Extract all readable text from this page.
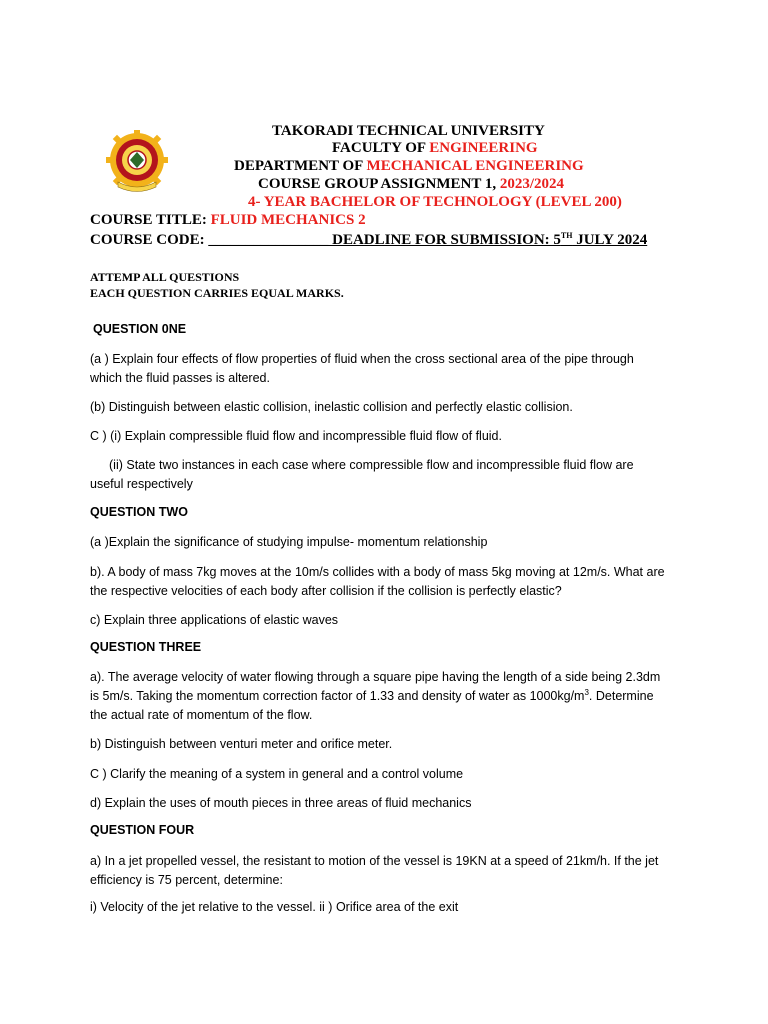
TAKORADI TECHNICAL UNIVERSITY
FACULTY OF ENGINEERING
DEPARTMENT OF MECHANICAL ENGINEERING
COURSE GROUP ASSIGNMENT 1, 2023/2024
4- YEAR BACHELOR OF TECHNOLOGY (LEVEL 200)
COURSE TITLE: FLUID MECHANICS 2
COURSE CODE: ________________ DEADLINE FOR SUBMISSION: 5TH JULY 2024
ATTEMP ALL QUESTIONS
EACH QUESTION CARRIES EQUAL MARKS.
QUESTION 0NE
(a ) Explain four effects of flow properties of fluid when the cross sectional area of the pipe through
which the fluid passes is altered.
(b) Distinguish between elastic collision, inelastic collision and perfectly elastic collision.
C ) (i) Explain compressible fluid flow and incompressible fluid flow of fluid.
(ii) State two instances in each case where compressible flow and incompressible fluid flow are
useful respectively
QUESTION TWO
(a )Explain the significance of studying impulse- momentum relationship
b). A body of mass 7kg moves at the 10m/s collides with a body of mass 5kg moving at 12m/s. What are
the respective velocities of each body after collision if the collision is perfectly elastic?
c) Explain three applications of elastic waves
QUESTION THREE
a). The average velocity of water flowing through a square pipe having the length of a side being 2.3dm
is 5m/s. Taking the momentum correction factor of 1.33 and density of water as $1000kg/m^3$. Determine
the actual rate of momentum of the flow.
b) Distinguish between venturi meter and orifice meter.
C ) Clarify the meaning of a system in general and a control volume
d) Explain the uses of mouth pieces in three areas of fluid mechanics
QUESTION FOUR
a) In a jet propelled vessel, the resistant to motion of the vessel is 19KN at a speed of 21km/h. If the jet
efficiency is 75 percent, determine:
i) Velocity of the jet relative to the vessel. ii ) Orifice area of the exit
